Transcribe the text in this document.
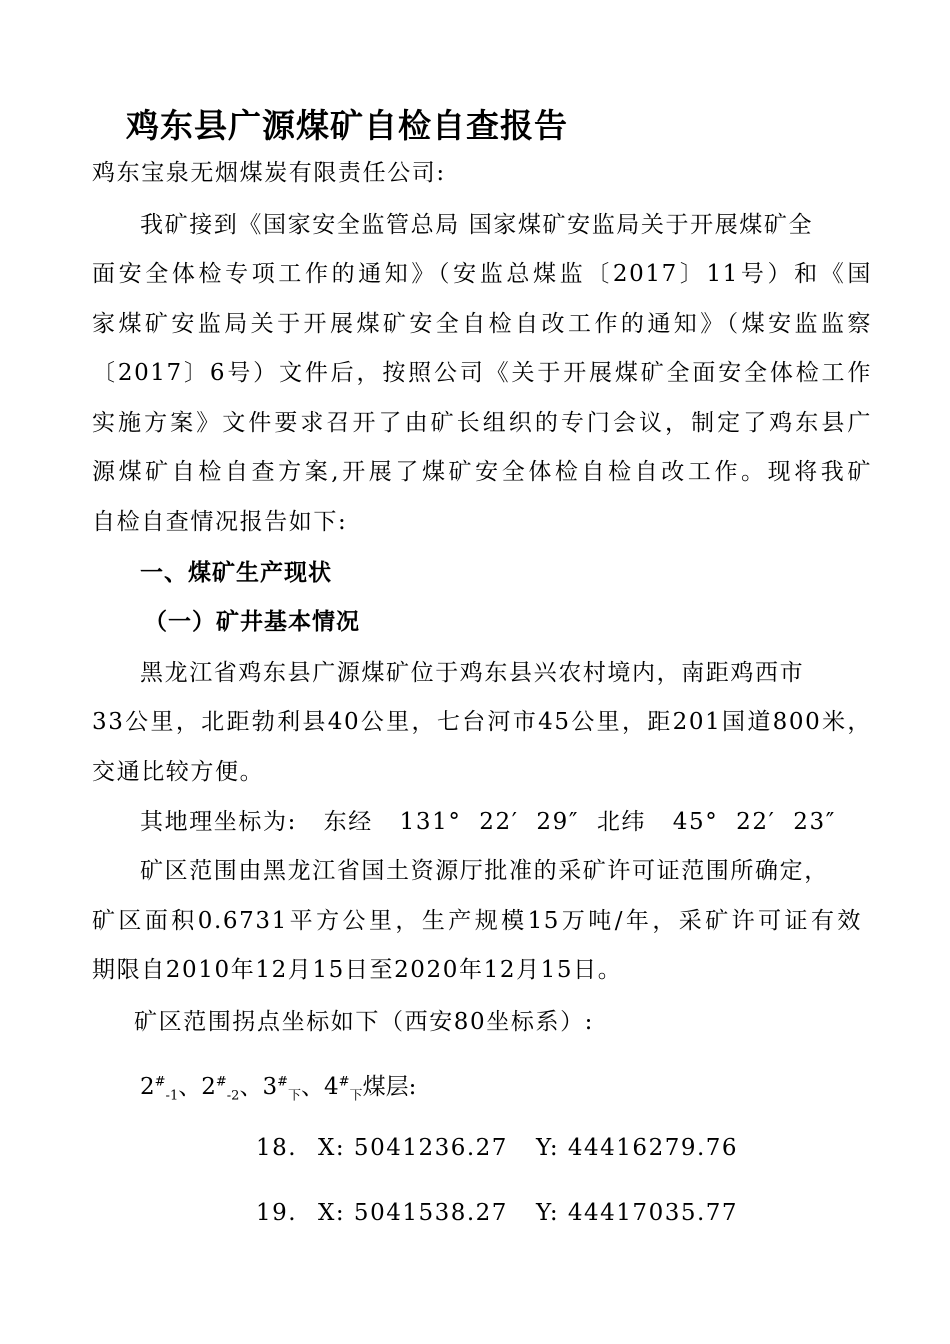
鸡东县广源煤矿自检自查报告
鸡东宝泉无烟煤炭有限责任公司:
我矿接到《国家安全监管总局 国家煤矿安监局关于开展煤矿全
面安全体检专项工作的通知》（安监总煤监〔2017〕11号）和《国
家煤矿安监局关于开展煤矿安全自检自改工作的通知》（煤安监监察
〔2017〕6号）文件后，按照公司《关于开展煤矿全面安全体检工作
实施方案》文件要求召开了由矿长组织的专门会议，制定了鸡东县广
源煤矿自检自查方案,开展了煤矿安全体检自检自改工作。现将我矿
自检自查情况报告如下:
一、煤矿生产现状
（一）矿井基本情况
黑龙江省鸡东县广源煤矿位于鸡东县兴农村境内，南距鸡西市
33公里，北距勃利县40公里，七台河市45公里，距201国道800米，
交通比较方便。
其地理坐标为:   东经   131°  22′  29″  北纬   45°  22′  23″
矿区范围由黑龙江省国土资源厅批准的采矿许可证范围所确定，
矿区面积0.6731平方公里，生产规模15万吨/年，采矿许可证有效
期限自2010年12月15日至2020年12月15日。
矿区范围拐点坐标如下（西安80坐标系）:
$2^{\#}_{-1}$、$2^{\#}_{-2}$、$3^{\#}_下$、$4^{\#}_下$煤层:
18. X: 5041236.27 Y: 44416279.76
19. X: 5041538.27 Y: 44417035.77
